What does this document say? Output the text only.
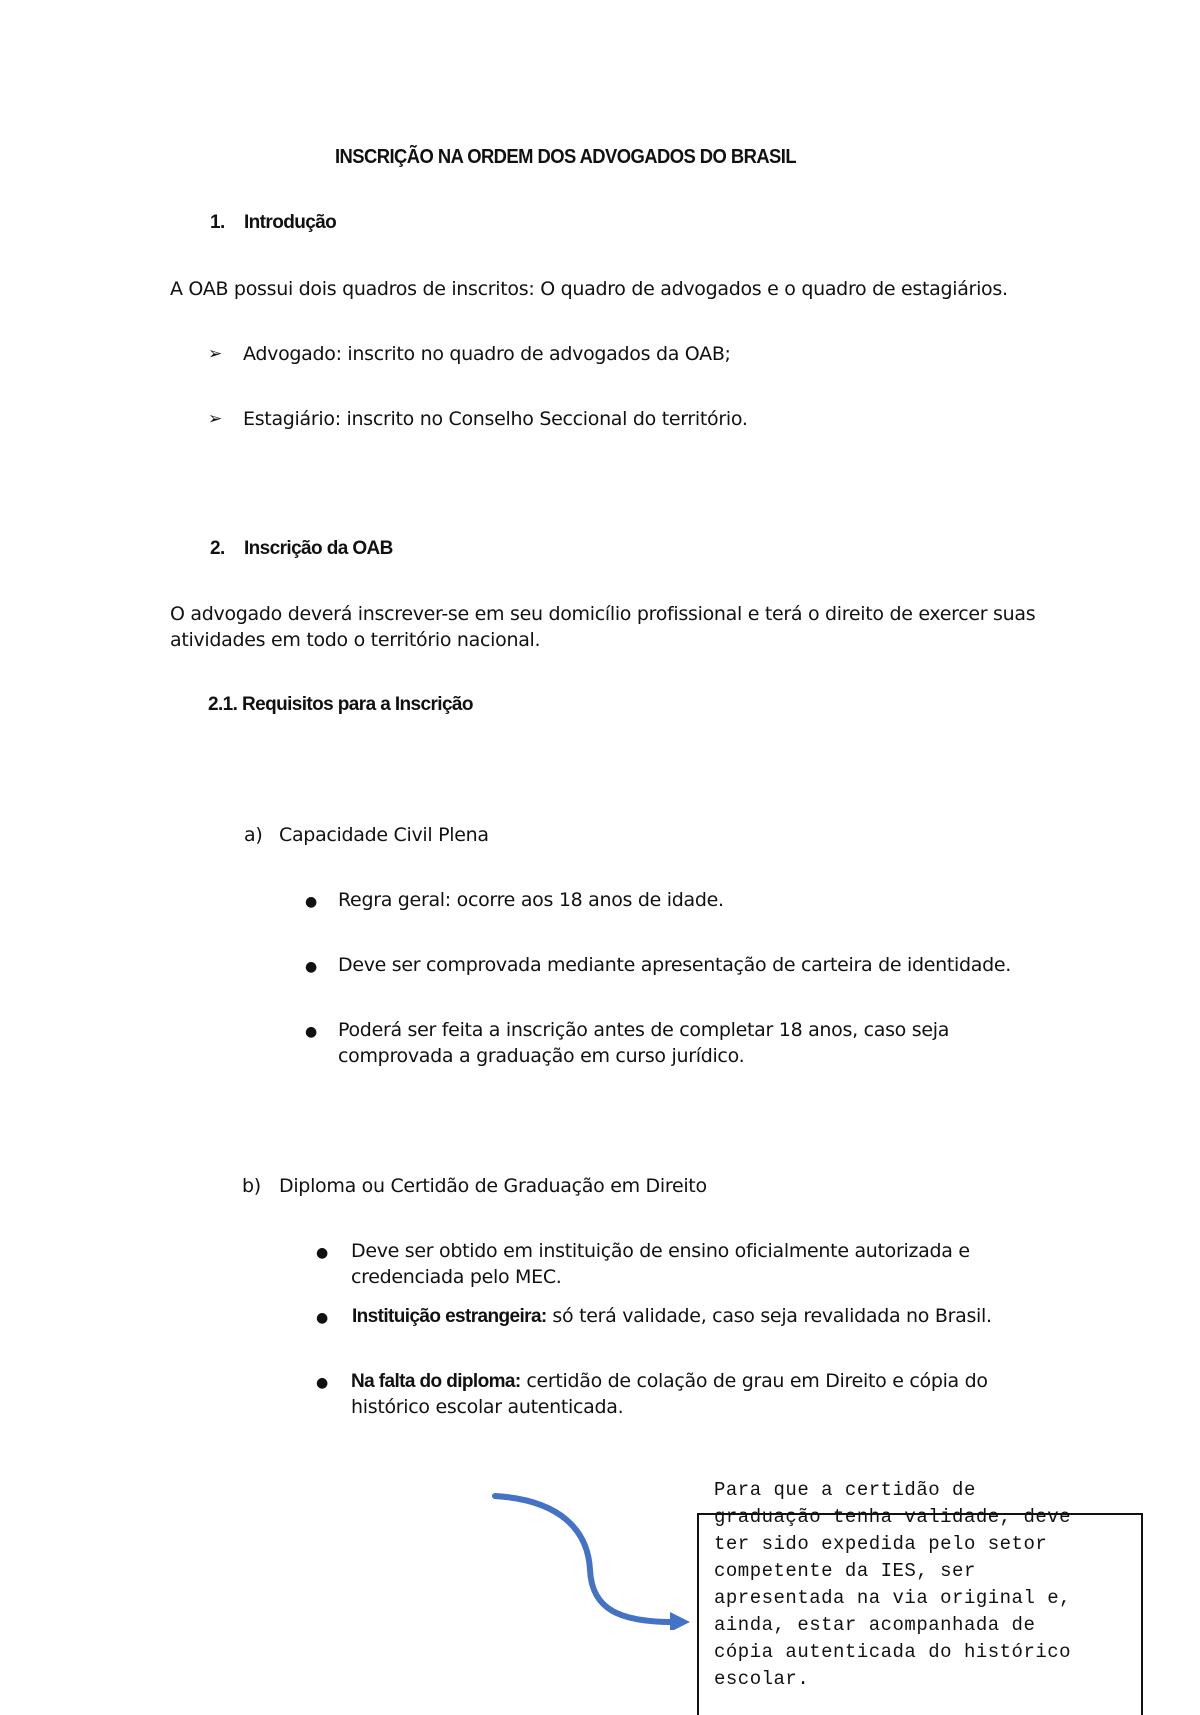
INSCRIÇÃO NA ORDEM DOS ADVOGADOS DO BRASIL
1. Introdução
A OAB possui dois quadros de inscritos: O quadro de advogados e o quadro de estagiários.
➢ Advogado: inscrito no quadro de advogados da OAB;
➢ Estagiário: inscrito no Conselho Seccional do território.
2. Inscrição da OAB
O advogado deverá inscrever-se em seu domicílio profissional e terá o direito de exercer suas
atividades em todo o território nacional.
2.1. Requisitos para a Inscrição
a) Capacidade Civil Plena
● Regra geral: ocorre aos 18 anos de idade.
● Deve ser comprovada mediante apresentação de carteira de identidade.
● Poderá ser feita a inscrição antes de completar 18 anos, caso seja
comprovada a graduação em curso jurídico.
b) Diploma ou Certidão de Graduação em Direito
● Deve ser obtido em instituição de ensino oficialmente autorizada e
credenciada pelo MEC.
● Instituição estrangeira: só terá validade, caso seja revalidada no Brasil.
● Na falta do diploma: certidão de colação de grau em Direito e cópia do
histórico escolar autenticada.
Para que a certidão de
graduação tenha validade, deve
ter sido expedida pelo setor
competente da IES, ser
apresentada na via original e,
ainda, estar acompanhada de
cópia autenticada do histórico
escolar.
